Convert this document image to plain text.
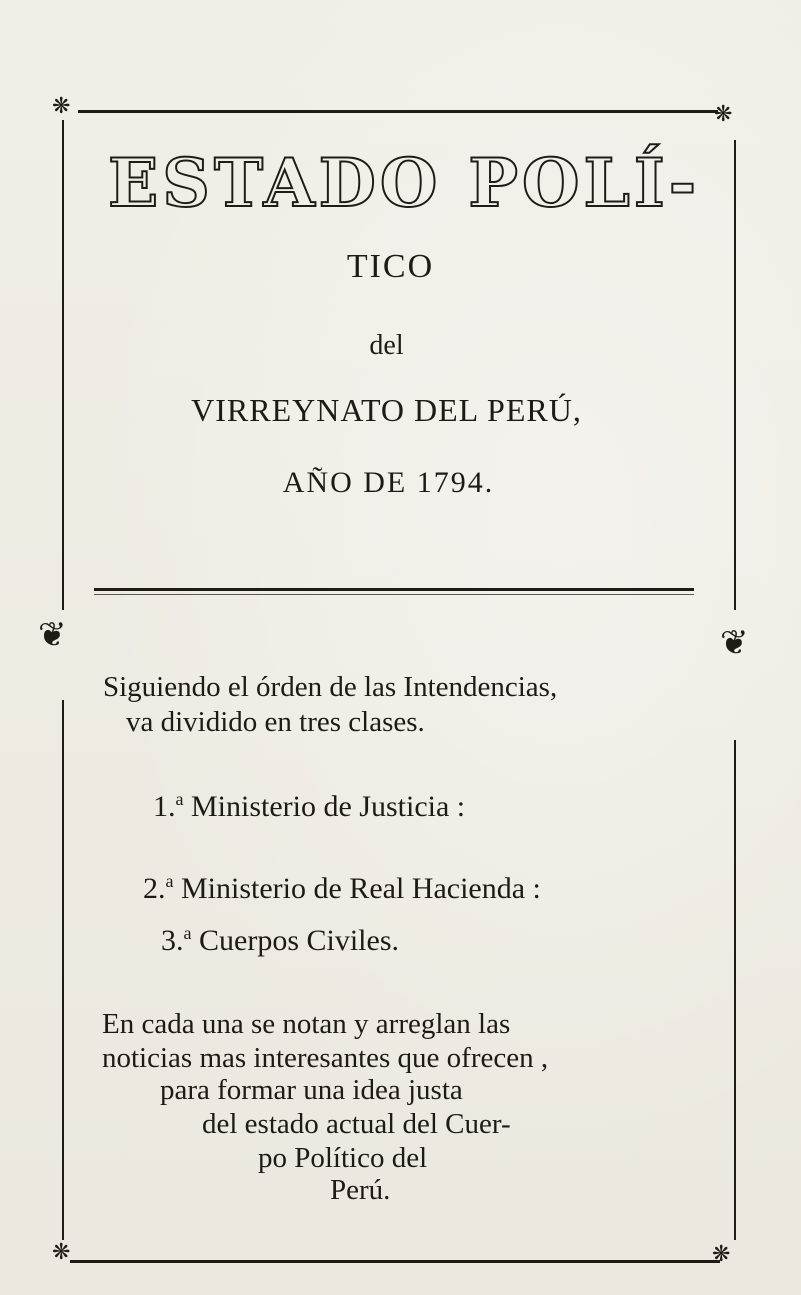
❋	❋
❋	❋
❦	❦
ESTADO POLÍ-
TICO
del
VIRREYNATO DEL PERÚ,
AÑO DE 1794.
Siguiendo el órden de las Intendencias,
va dividido en tres clases.
1.$^a$ Ministerio de Justicia :
2.$^a$ Ministerio de Real Hacienda :
3.$^a$ Cuerpos Civiles.
En cada una se notan y arreglan las
noticias mas interesantes que ofrecen ,
para formar una idea justa
del estado actual del Cuer-
po Político del
Perú.
